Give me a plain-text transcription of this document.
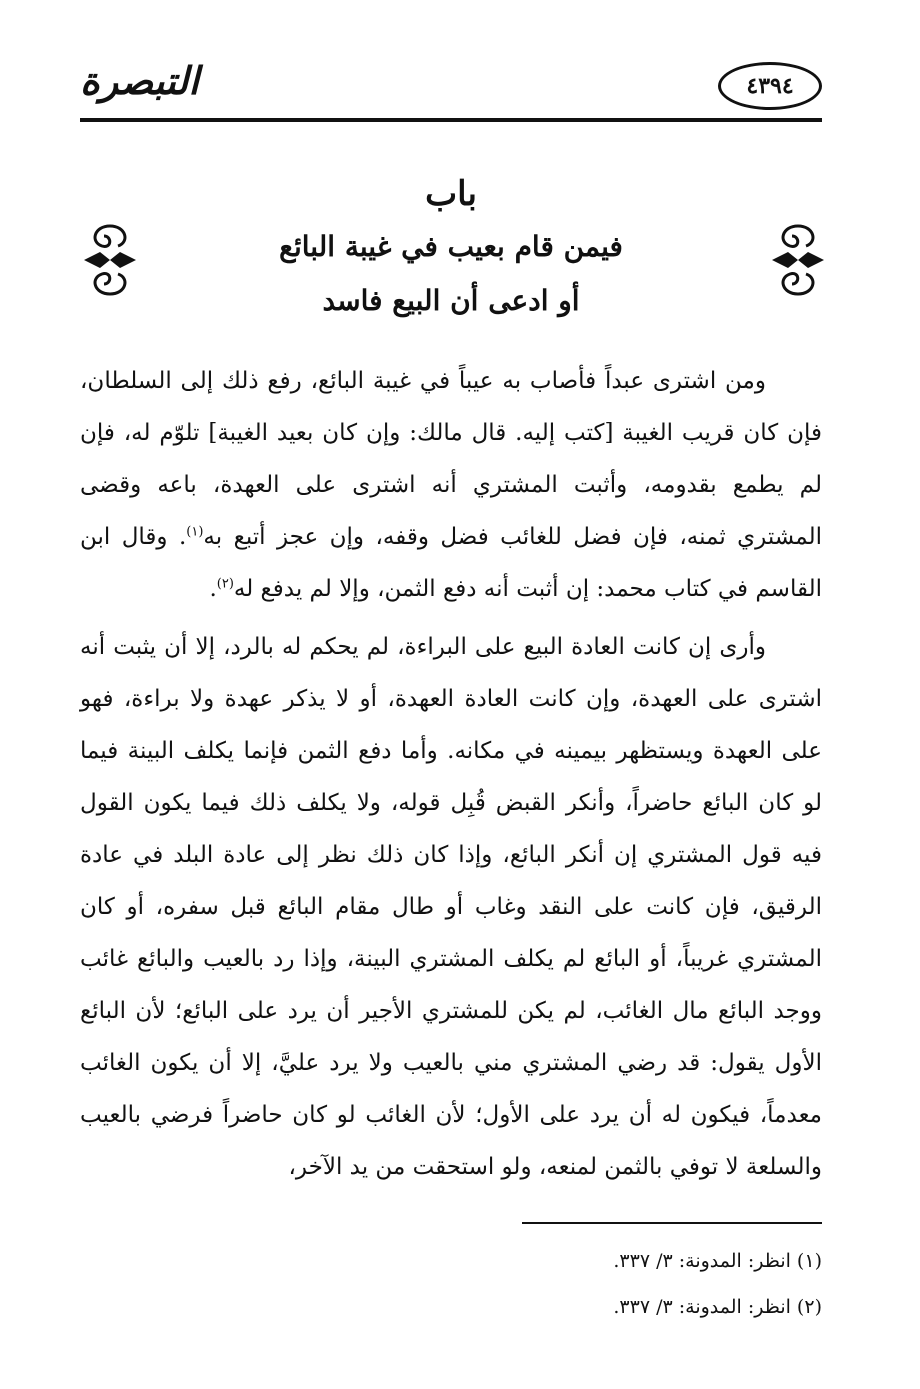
التبصرة	٤٣٩٤
باب
فيمن قام بعيب في غيبة البائع
أو ادعى أن البيع فاسد

ومن اشترى عبداً فأصاب به عيباً في غيبة البائع، رفع ذلك إلى السلطان، فإن كان قريب الغيبة [كتب إليه. قال مالك: وإن كان بعيد الغيبة] تلوّم له، فإن لم يطمع بقدومه، وأثبت المشتري أنه اشترى على العهدة، باعه وقضى المشتري ثمنه، فإن فضل للغائب فضل وقفه، وإن عجز أتبع به$^{(١)}$. وقال ابن القاسم في كتاب محمد: إن أثبت أنه دفع الثمن، وإلا لم يدفع له$^{(٢)}$.

وأرى إن كانت العادة البيع على البراءة، لم يحكم له بالرد، إلا أن يثبت أنه اشترى على العهدة، وإن كانت العادة العهدة، أو لا يذكر عهدة ولا براءة، فهو على العهدة ويستظهر بيمينه في مكانه. وأما دفع الثمن فإنما يكلف البينة فيما لو كان البائع حاضراً، وأنكر القبض قُبِل قوله، ولا يكلف ذلك فيما يكون القول فيه قول المشتري إن أنكر البائع، وإذا كان ذلك نظر إلى عادة البلد في عادة الرقيق، فإن كانت على النقد وغاب أو طال مقام البائع قبل سفره، أو كان المشتري غريباً، أو البائع لم يكلف المشتري البينة، وإذا رد بالعيب والبائع غائب ووجد البائع مال الغائب، لم يكن للمشتري الأجير أن يرد على البائع؛ لأن البائع الأول يقول: قد رضي المشتري مني بالعيب ولا يرد عليَّ، إلا أن يكون الغائب معدماً، فيكون له أن يرد على الأول؛ لأن الغائب لو كان حاضراً فرضي بالعيب والسلعة لا توفي بالثمن لمنعه، ولو استحقت من يد الآخر،

(١) انظر: المدونة: ٣/ ٣٣٧.
(٢) انظر: المدونة: ٣/ ٣٣٧.
